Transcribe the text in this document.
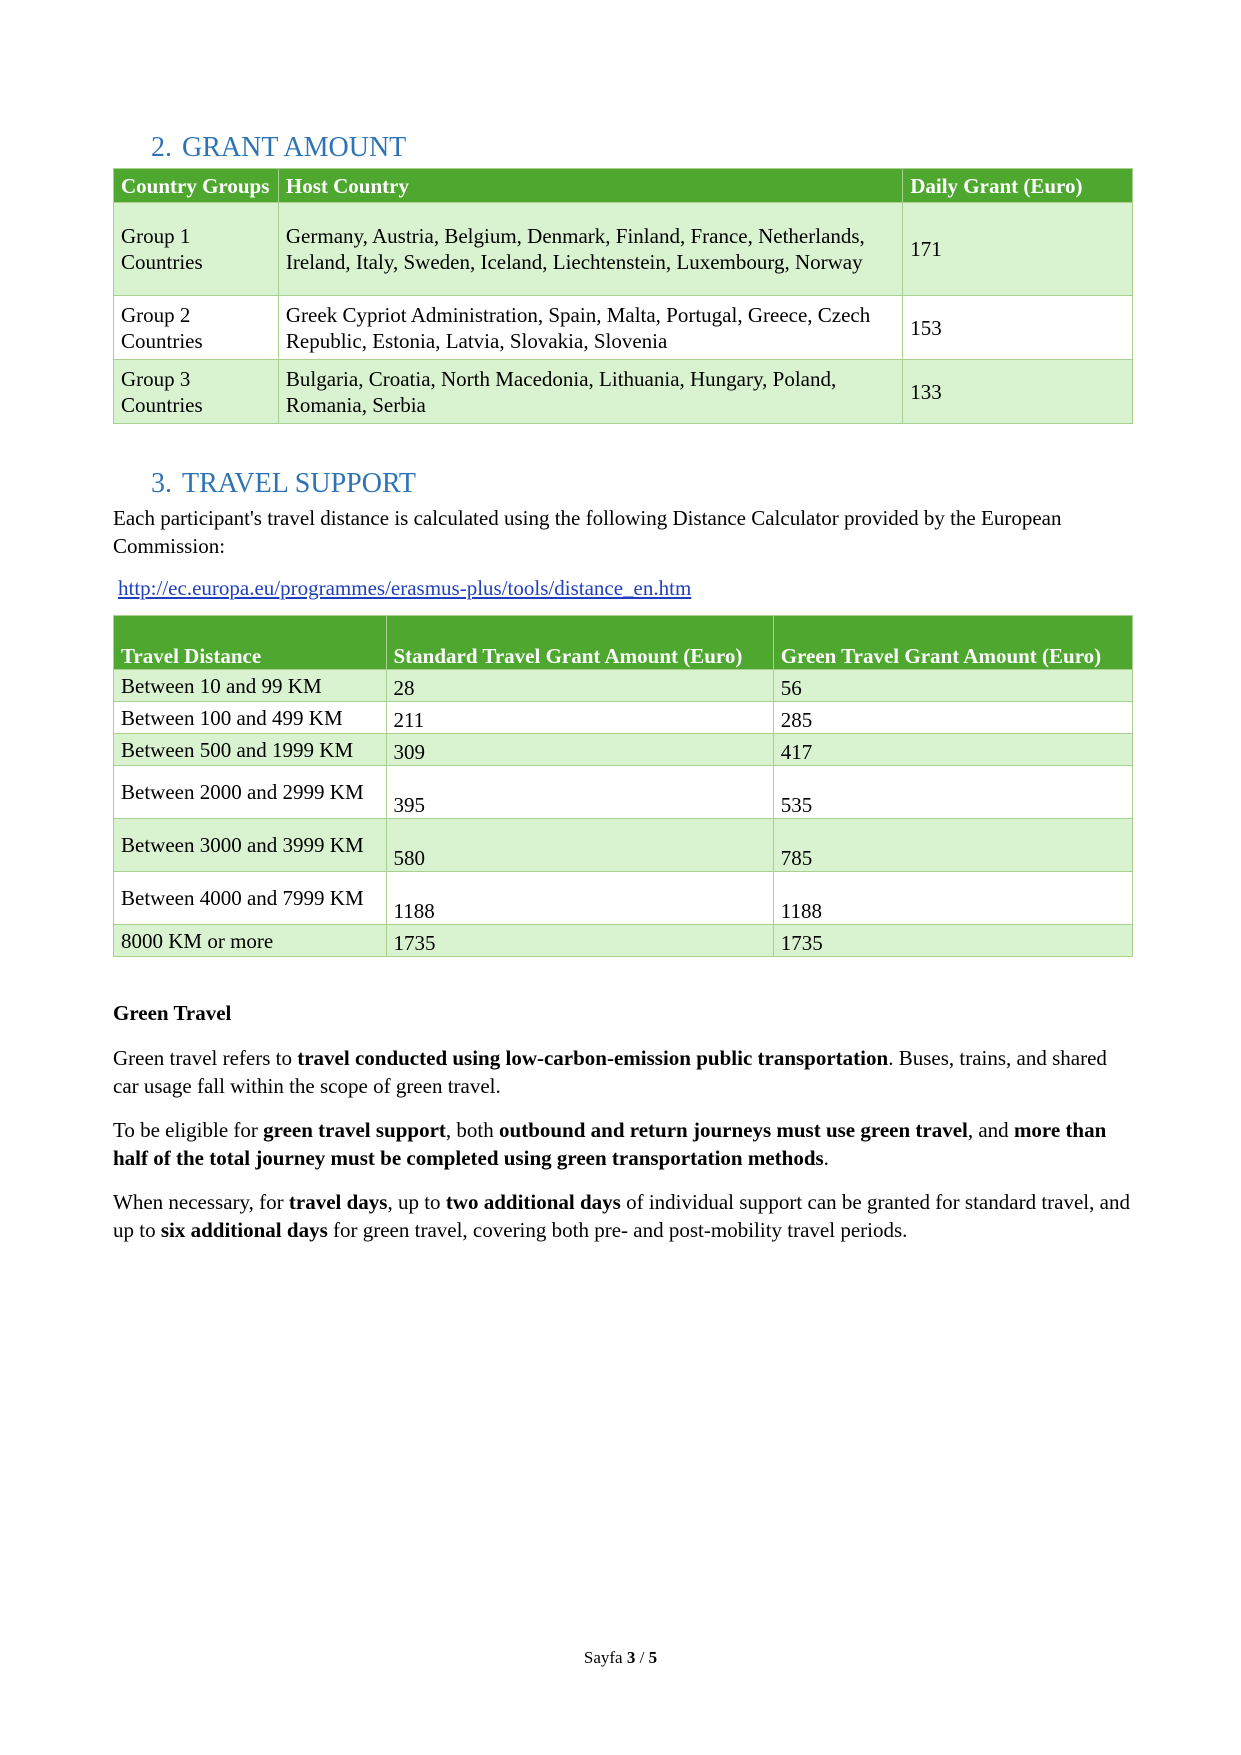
2. GRANT AMOUNT
Country Groups	Host Country	Daily Grant (Euro)
Group 1 Countries	Germany, Austria, Belgium, Denmark, Finland, France, Netherlands, Ireland, Italy, Sweden, Iceland, Liechtenstein, Luxembourg, Norway	171
Group 2 Countries	Greek Cypriot Administration, Spain, Malta, Portugal, Greece, Czech Republic, Estonia, Latvia, Slovakia, Slovenia	153
Group 3 Countries	Bulgaria, Croatia, North Macedonia, Lithuania, Hungary, Poland, Romania, Serbia	133
3. TRAVEL SUPPORT

Each participant's travel distance is calculated using the following Distance Calculator provided by the European Commission:

http://ec.europa.eu/programmes/erasmus-plus/tools/distance_en.htm
Travel Distance	Standard Travel Grant Amount (Euro)	Green Travel Grant Amount (Euro)
Between 10 and 99 KM	28	56
Between 100 and 499 KM	211	285
Between 500 and 1999 KM	309	417
Between 2000 and 2999 KM	395	535
Between 3000 and 3999 KM	580	785
Between 4000 and 7999 KM	1188	1188
8000 KM or more	1735	1735

Green Travel

Green travel refers to travel conducted using low-carbon-emission public transportation. Buses, trains, and shared car usage fall within the scope of green travel.

To be eligible for green travel support, both outbound and return journeys must use green travel, and more than half of the total journey must be completed using green transportation methods.

When necessary, for travel days, up to two additional days of individual support can be granted for standard travel, and up to six additional days for green travel, covering both pre- and post-mobility travel periods.

Sayfa 3 / 5
